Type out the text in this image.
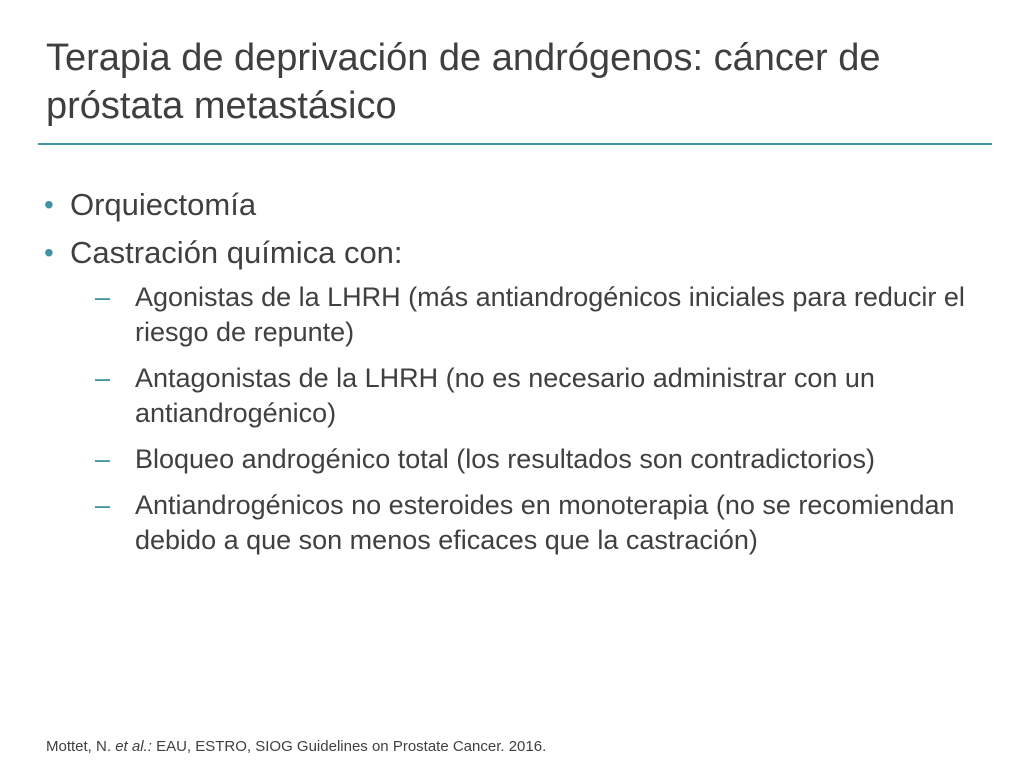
Terapia de deprivación de andrógenos: cáncer de próstata metastásico
• Orquiectomía
• Castración química con:
– Agonistas de la LHRH (más antiandrogénicos iniciales para reducir el riesgo de repunte)
– Antagonistas de la LHRH (no es necesario administrar con un antiandrogénico)
– Bloqueo androgénico total (los resultados son contradictorios)
– Antiandrogénicos no esteroides en monoterapia (no se recomiendan debido a que son menos eficaces que la castración)
Mottet, N. et al.: EAU, ESTRO, SIOG Guidelines on Prostate Cancer. 2016.
